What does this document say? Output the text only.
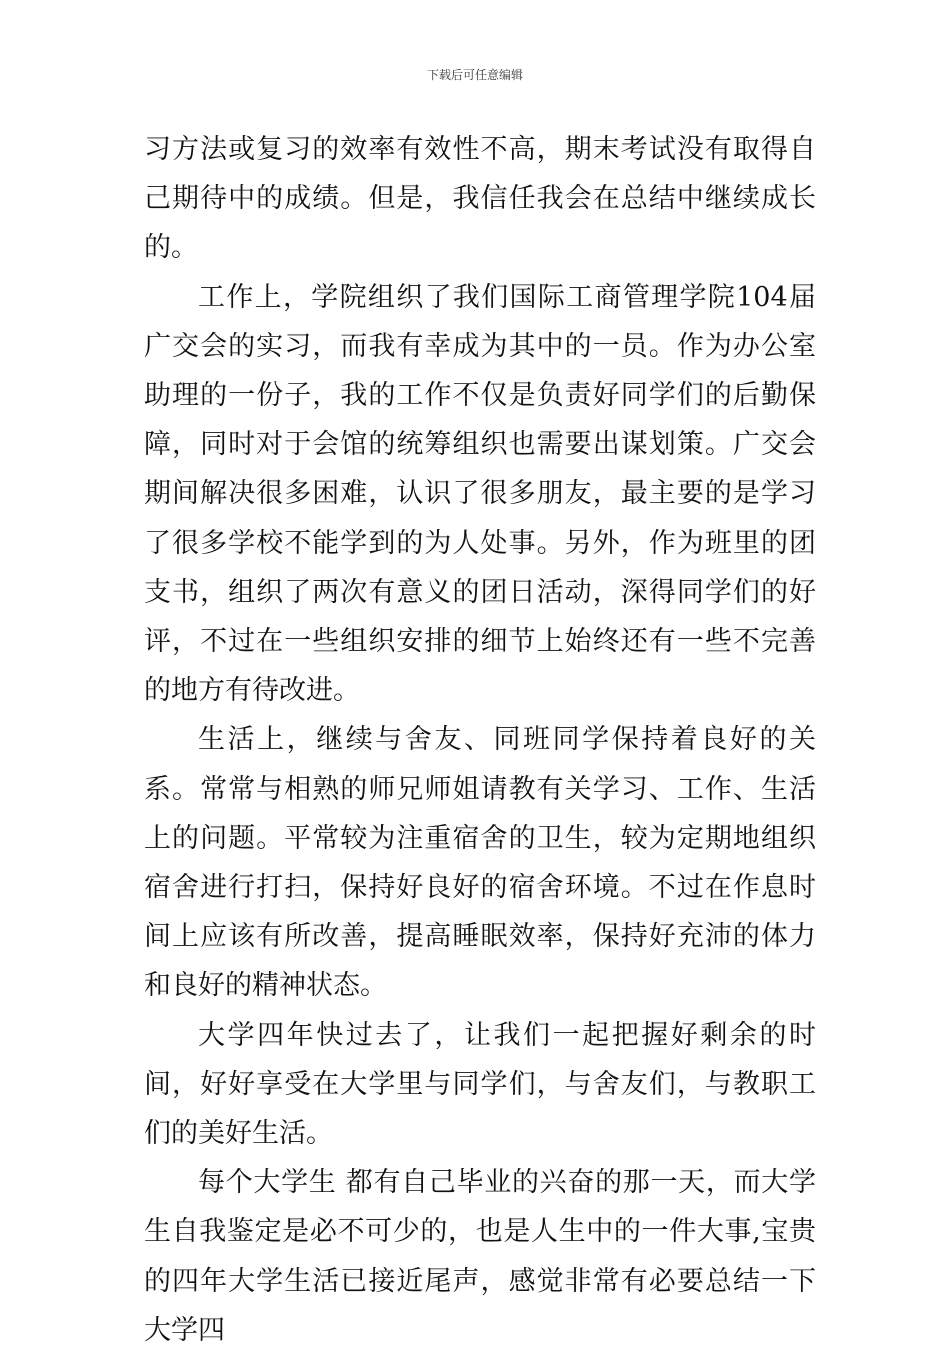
下载后可任意编辑

习方法或复习的效率有效性不高，期末考试没有取得自己期待中的成绩。但是，我信任我会在总结中继续成长的。

工作上，学院组织了我们国际工商管理学院104届广交会的实习，而我有幸成为其中的一员。作为办公室助理的一份子，我的工作不仅是负责好同学们的后勤保障，同时对于会馆的统筹组织也需要出谋划策。广交会期间解决很多困难，认识了很多朋友，最主要的是学习了很多学校不能学到的为人处事。另外，作为班里的团支书，组织了两次有意义的团日活动，深得同学们的好评，不过在一些组织安排的细节上始终还有一些不完善的地方有待改进。

生活上，继续与舍友、同班同学保持着良好的关系。常常与相熟的师兄师姐请教有关学习、工作、生活上的问题。平常较为注重宿舍的卫生，较为定期地组织宿舍进行打扫，保持好良好的宿舍环境。不过在作息时间上应该有所改善，提高睡眠效率，保持好充沛的体力和良好的精神状态。

大学四年快过去了，让我们一起把握好剩余的时间，好好享受在大学里与同学们，与舍友们，与教职工们的美好生活。

每个大学生 都有自己毕业的兴奋的那一天，而大学生自我鉴定是必不可少的，也是人生中的一件大事,宝贵的四年大学生活已接近尾声，感觉非常有必要总结一下大学四
